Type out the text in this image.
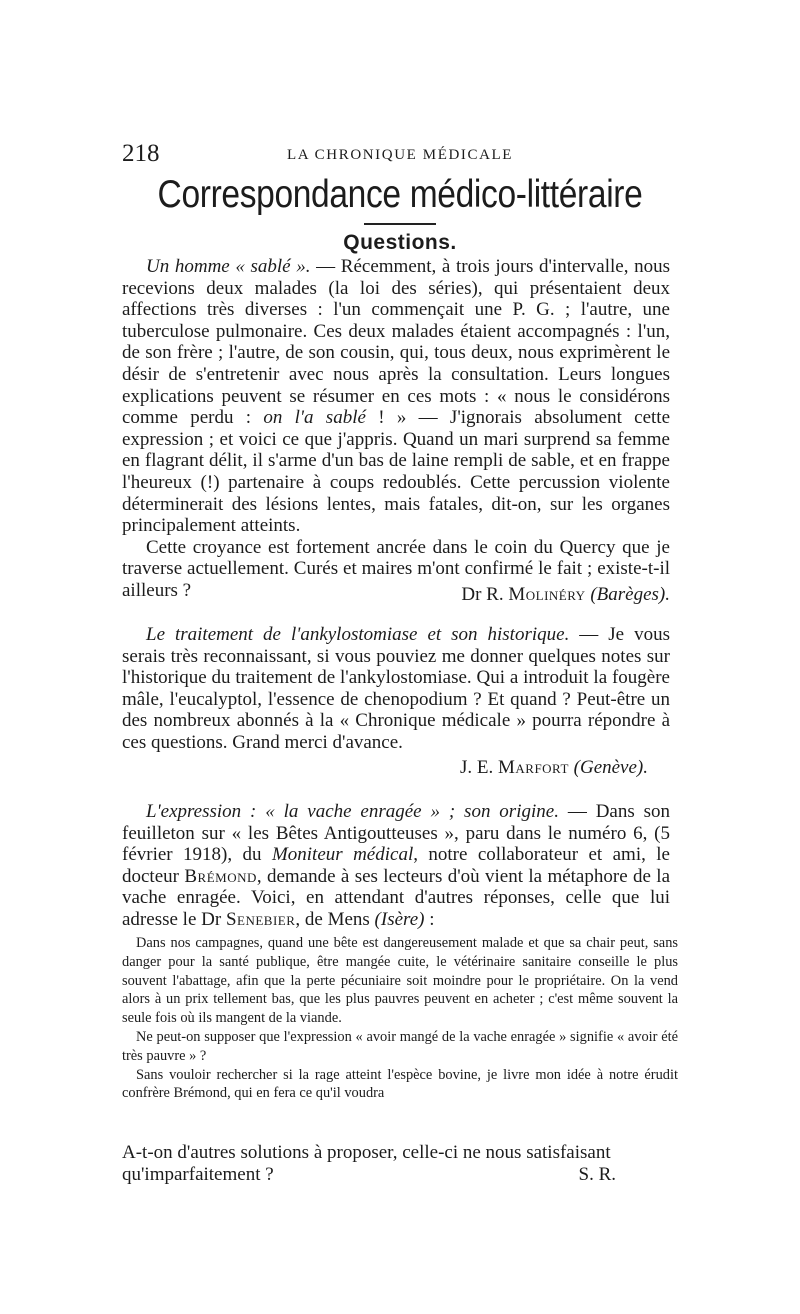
218	LA CHRONIQUE MÉDICALE
Correspondance médico-littéraire
Questions.

Un homme « sablé ». — Récemment, à trois jours d'intervalle, nous recevions deux malades (la loi des séries), qui présentaient deux affections très diverses : l'un commençait une P. G. ; l'autre, une tuberculose pulmonaire. Ces deux malades étaient accompagnés : l'un, de son frère ; l'autre, de son cousin, qui, tous deux, nous exprimèrent le désir de s'entretenir avec nous après la consultation. Leurs longues explications peuvent se résumer en ces mots : « nous le considérons comme perdu : on l'a sablé ! » — J'ignorais absolument cette expression ; et voici ce que j'appris. Quand un mari surprend sa femme en flagrant délit, il s'arme d'un bas de laine rempli de sable, et en frappe l'heureux (!) partenaire à coups redoublés. Cette percussion violente déterminerait des lésions lentes, mais fatales, dit-on, sur les organes principalement atteints.

Cette croyance est fortement ancrée dans le coin du Quercy que je traverse actuellement. Curés et maires m'ont confirmé le fait ; existe-t-il ailleurs ?	Dr R. Molinéry (Barèges).

Le traitement de l'ankylostomiase et son historique. — Je vous serais très reconnaissant, si vous pouviez me donner quelques notes sur l'historique du traitement de l'ankylostomiase. Qui a introduit la fougère mâle, l'eucalyptol, l'essence de chenopodium ? Et quand ? Peut-être un des nombreux abonnés à la « Chronique médicale » pourra répondre à ces questions. Grand merci d'avance.

J. E. Marfort (Genève).

L'expression : « la vache enragée » ; son origine. — Dans son feuilleton sur « les Bêtes Antigoutteuses », paru dans le numéro 6, (5 février 1918), du Moniteur médical, notre collaborateur et ami, le docteur Brémond, demande à ses lecteurs d'où vient la métaphore de la vache enragée. Voici, en attendant d'autres réponses, celle que lui adresse le Dr Senebier, de Mens (Isère) :

Dans nos campagnes, quand une bête est dangereusement malade et que sa chair peut, sans danger pour la santé publique, être mangée cuite, le vétérinaire sanitaire conseille le plus souvent l'abattage, afin que la perte pécuniaire soit moindre pour le propriétaire. On la vend alors à un prix tellement bas, que les plus pauvres peuvent en acheter ; c'est même souvent la seule fois où ils mangent de la viande.

Ne peut-on supposer que l'expression « avoir mangé de la vache enragée » signifie « avoir été très pauvre » ?

Sans vouloir rechercher si la rage atteint l'espèce bovine, je livre mon idée à notre érudit confrère Brémond, qui en fera ce qu'il voudra

A-t-on d'autres solutions à proposer, celle-ci ne nous satisfaisant
qu'imparfaitement ?	S. R.
